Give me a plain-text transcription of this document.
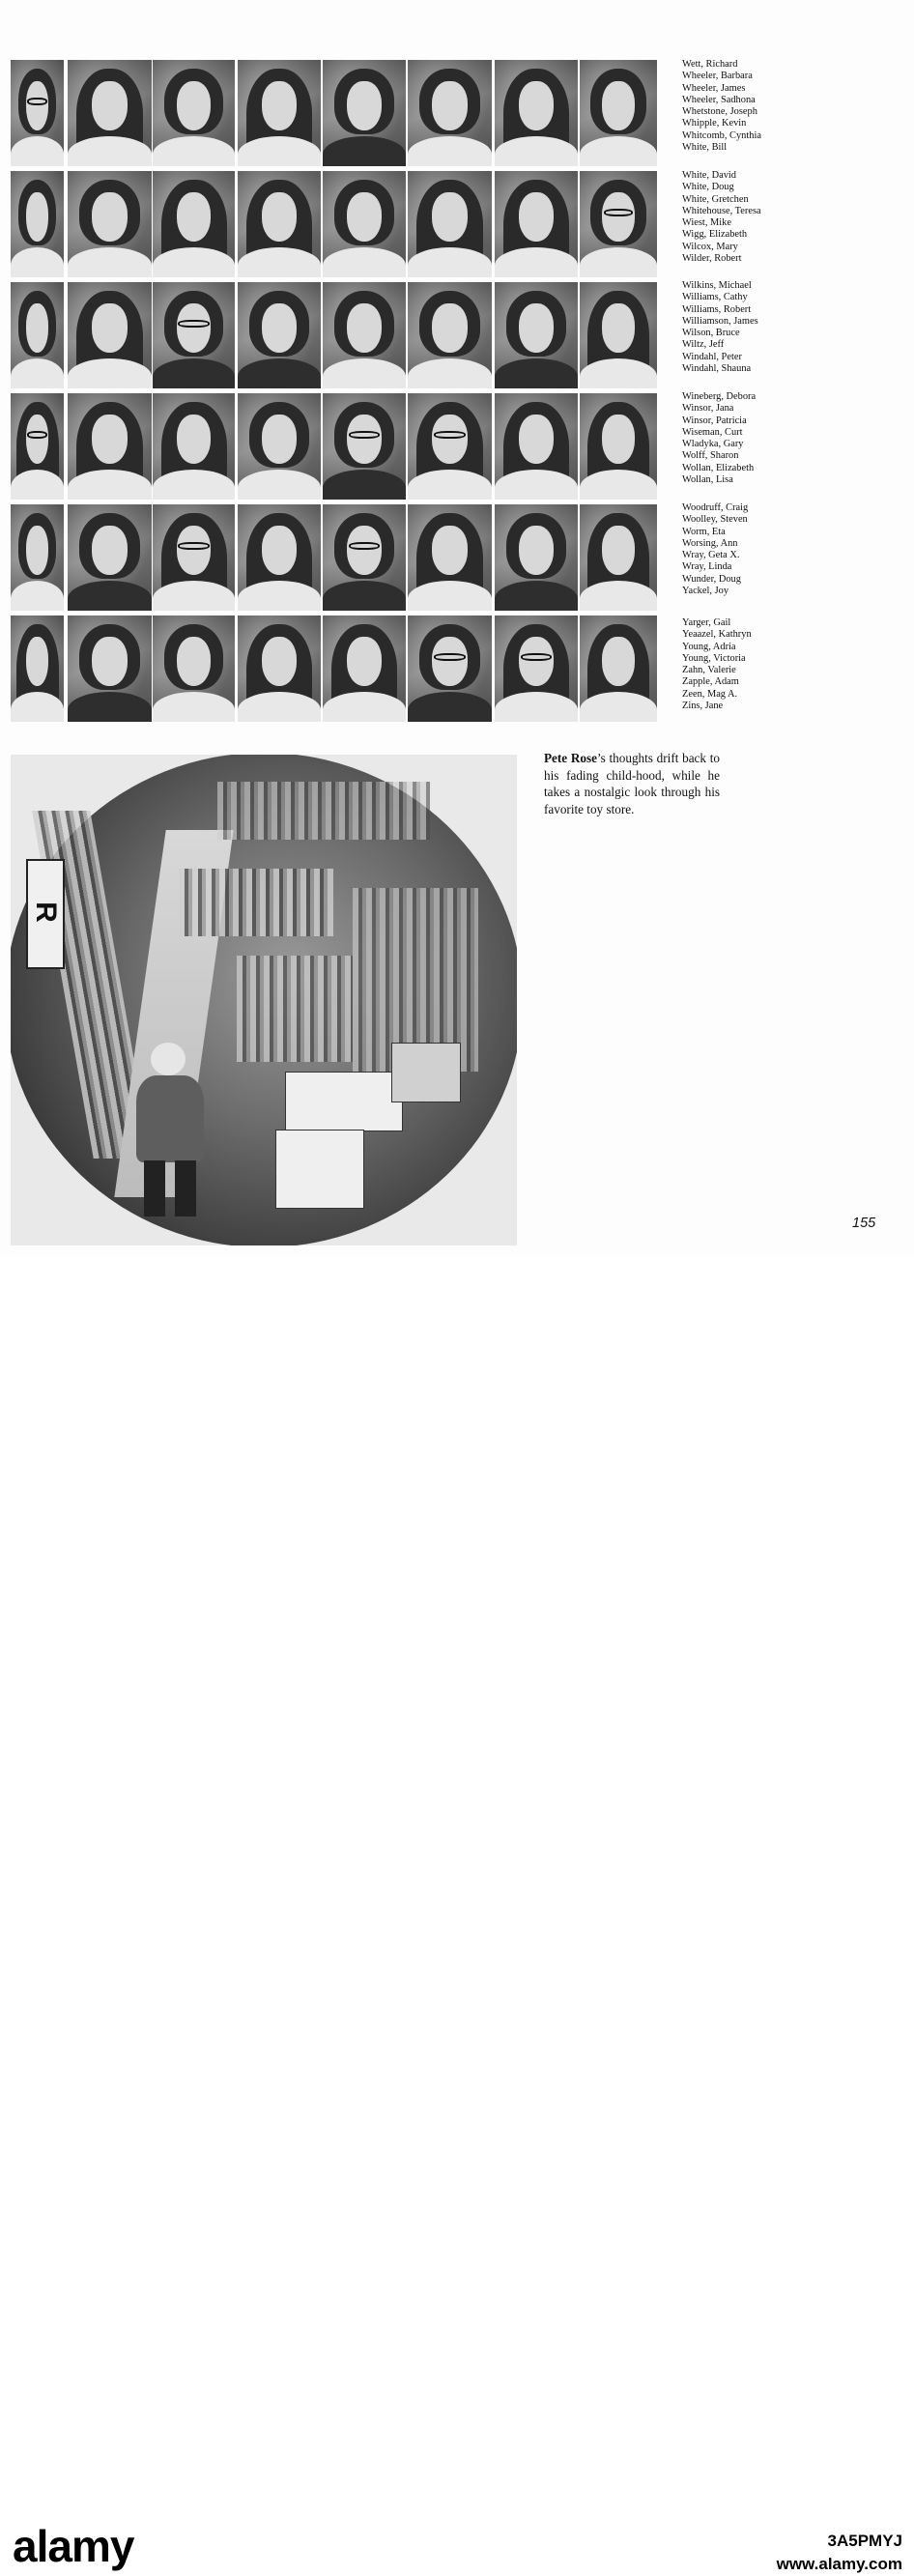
Wett, Richard
Wheeler, Barbara
Wheeler, James
Wheeler, Sadhona
Whetstone, Joseph
Whipple, Kevin
Whitcomb, Cynthia
White, Bill
White, David
White, Doug
White, Gretchen
Whitehouse, Teresa
Wiest, Mike
Wigg, Elizabeth
Wilcox, Mary
Wilder, Robert
Wilkins, Michael
Williams, Cathy
Williams, Robert
Williamson, James
Wilson, Bruce
Wiltz, Jeff
Windahl, Peter
Windahl, Shauna
Wineberg, Debora
Winsor, Jana
Winsor, Patricia
Wiseman, Curt
Wladyka, Gary
Wolff, Sharon
Wollan, Elizabeth
Wollan, Lisa
Woodruff, Craig
Woolley, Steven
Worm, Eta
Worsing, Ann
Wray, Geta X.
Wray, Linda
Wunder, Doug
Yackel, Joy
Yarger, Gail
Yeaazel, Kathryn
Young, Adria
Young, Victoria
Zahn, Valerie
Zapple, Adam
Zeen, Mag A.
Zins, Jane
R
Pete Rose’s thoughts drift back to his fading child-hood, while he takes a nostalgic look through his favorite toy store.
155
alamy	3A5PMYJ
www.alamy.com
